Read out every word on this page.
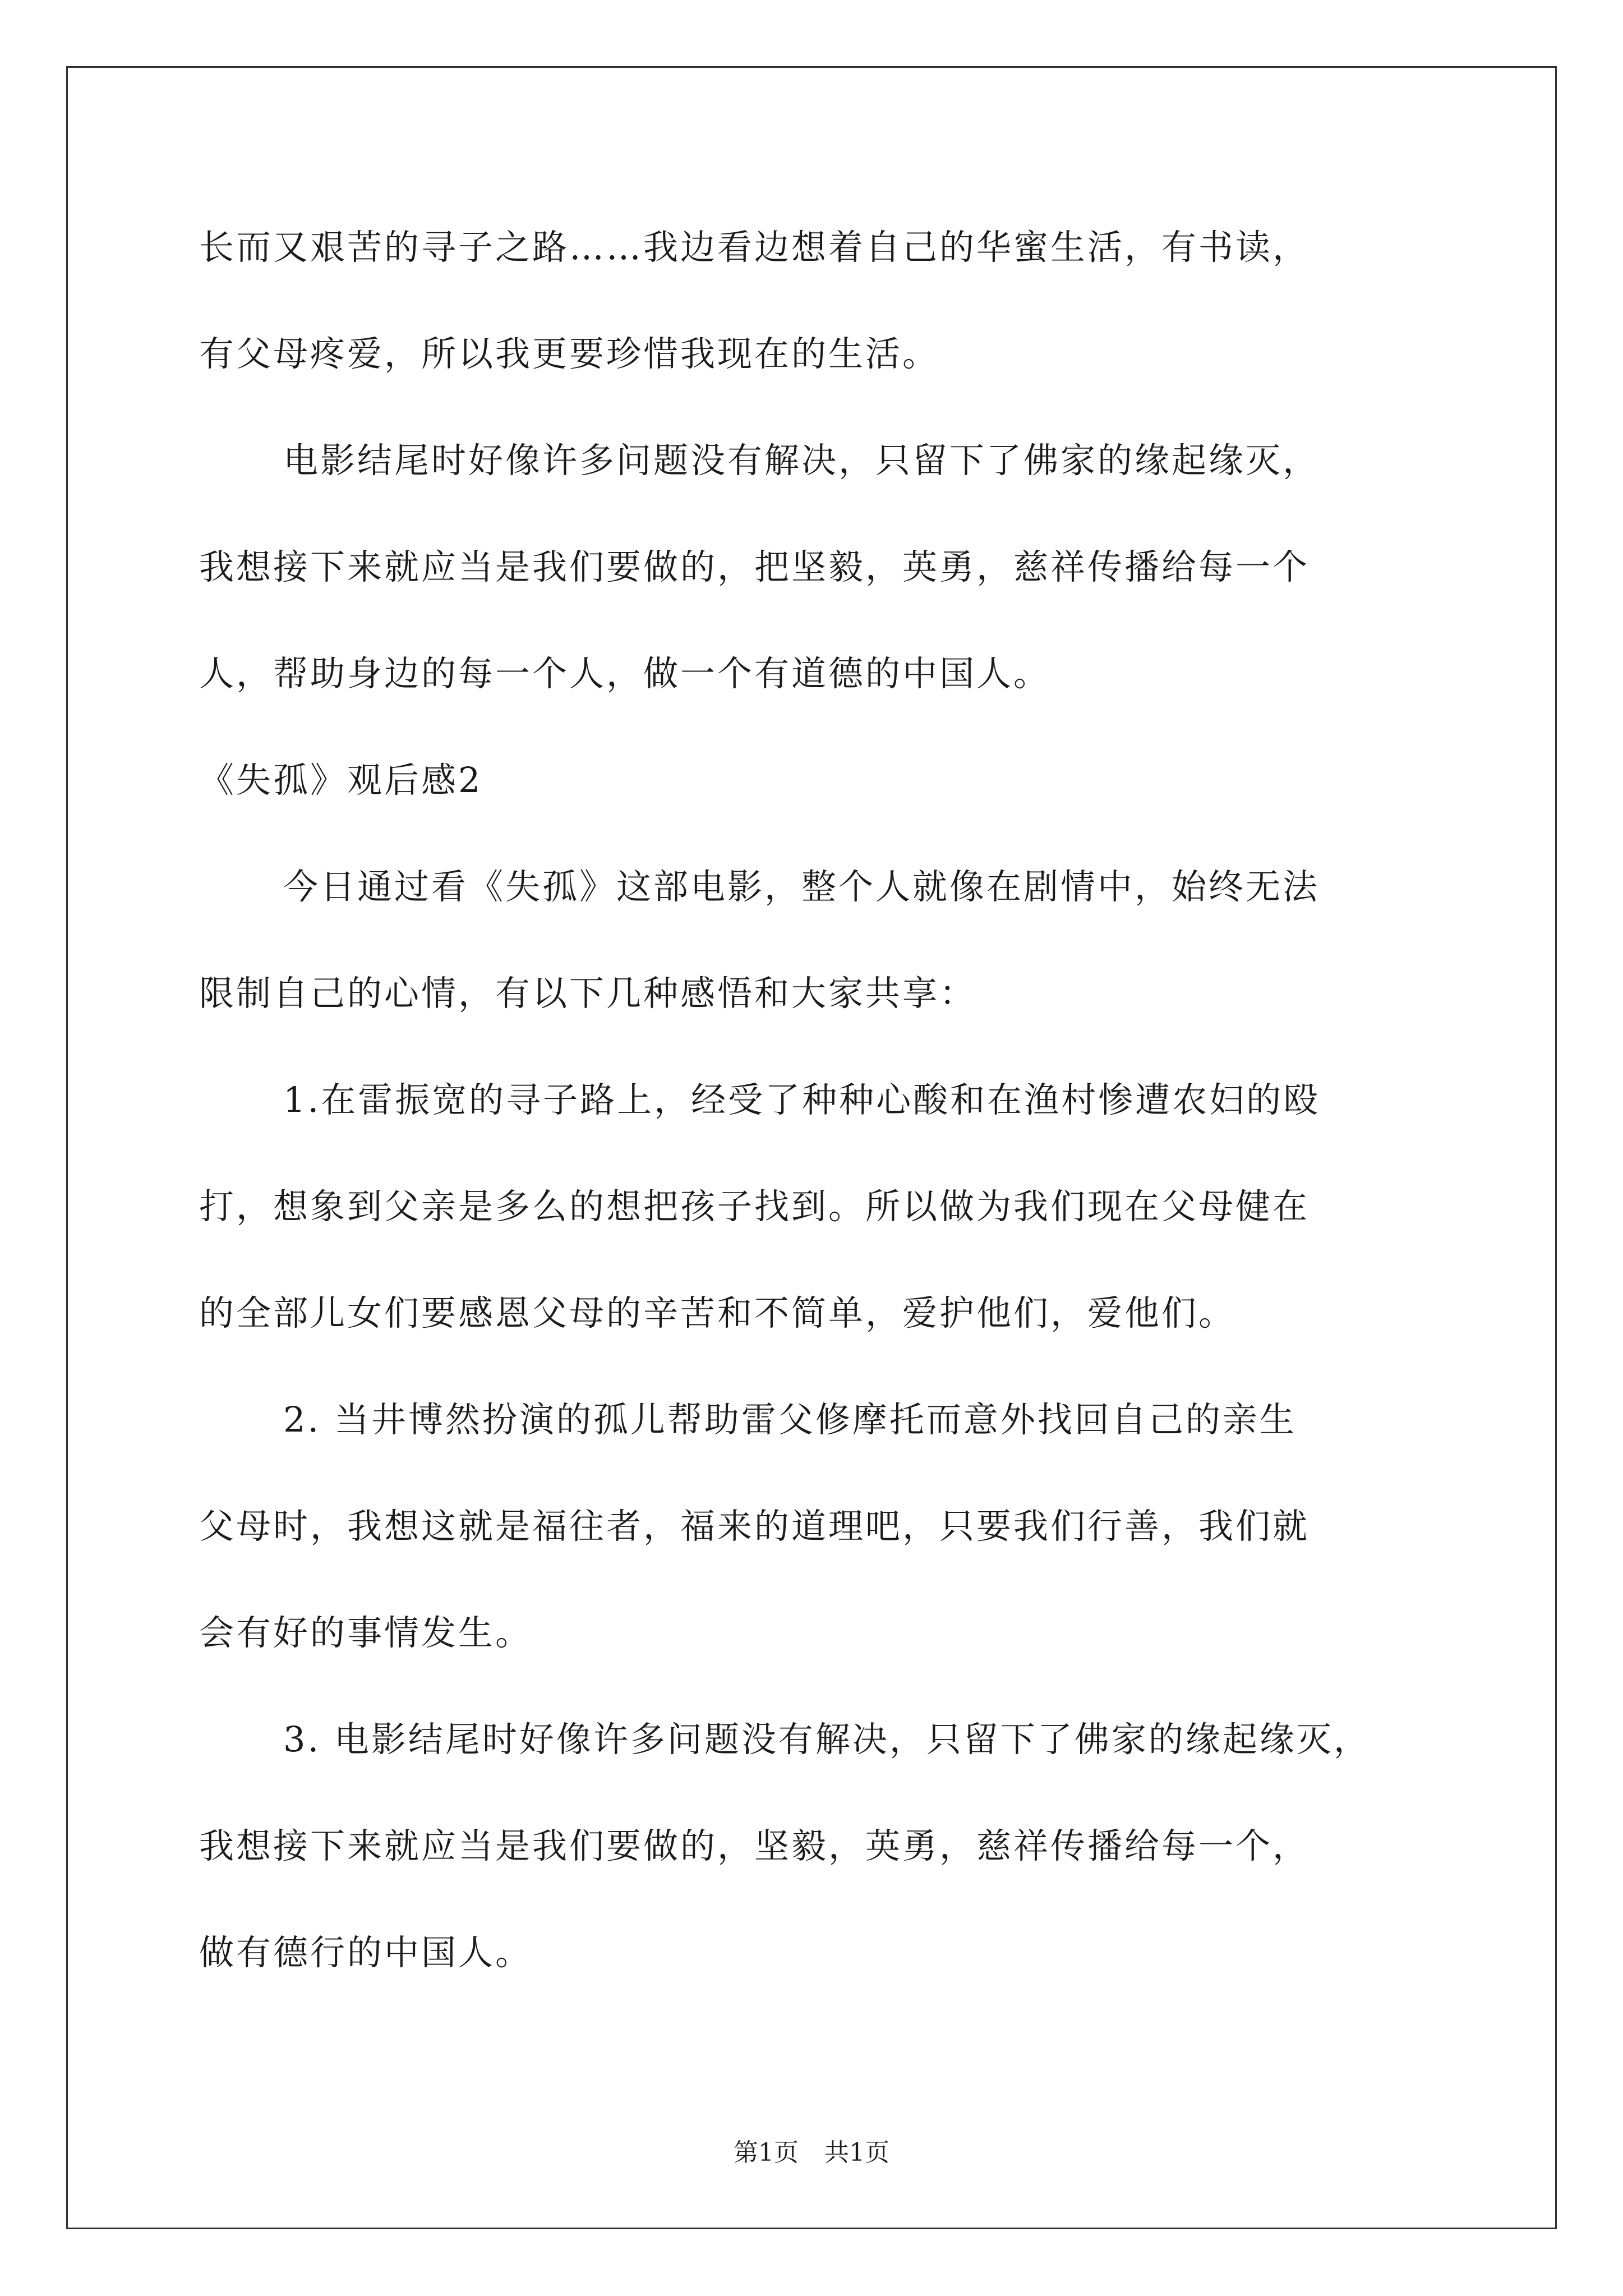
长而又艰苦的寻子之路……我边看边想着自己的华蜜生活，有书读，
有父母疼爱，所以我更要珍惜我现在的生活。
电影结尾时好像许多问题没有解决，只留下了佛家的缘起缘灭，
我想接下来就应当是我们要做的，把坚毅，英勇，慈祥传播给每一个
人，帮助身边的每一个人，做一个有道德的中国人。
《失孤》观后感2
今日通过看《失孤》这部电影，整个人就像在剧情中，始终无法
限制自己的心情，有以下几种感悟和大家共享：
1.在雷振宽的寻子路上，经受了种种心酸和在渔村惨遭农妇的殴
打，想象到父亲是多么的想把孩子找到。所以做为我们现在父母健在
的全部儿女们要感恩父母的辛苦和不简单，爱护他们，爱他们。
2. 当井博然扮演的孤儿帮助雷父修摩托而意外找回自己的亲生
父母时，我想这就是福往者，福来的道理吧，只要我们行善，我们就
会有好的事情发生。
3. 电影结尾时好像许多问题没有解决，只留下了佛家的缘起缘灭，
我想接下来就应当是我们要做的，坚毅，英勇，慈祥传播给每一个，
做有德行的中国人。
第1页 共1页
